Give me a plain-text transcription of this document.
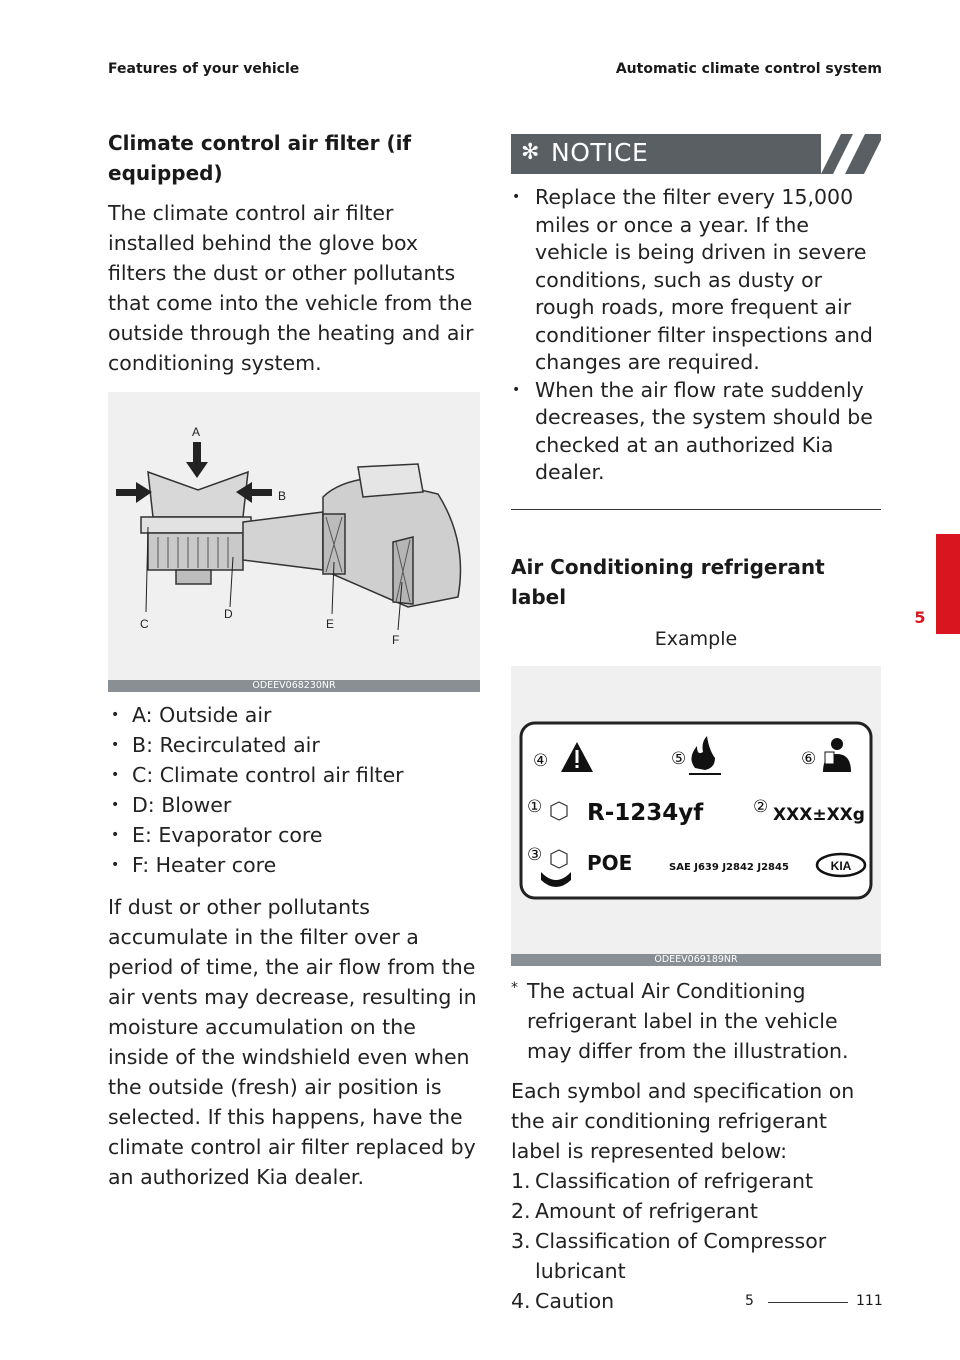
Features of your vehicle	Automatic climate control system
Climate control air filter (if equipped)

The climate control air filter installed behind the glove box filters the dust or other pollutants that come into the vehicle from the outside through the heating and air conditioning system.

A
B
C
D
E
F
ODEEV068230NR
• A: Outside air
• B: Recirculated air
• C: Climate control air filter
• D: Blower
• E: Evaporator core
• F: Heater core

If dust or other pollutants accumulate in the filter over a period of time, the air flow from the air vents may decrease, resulting in moisture accumulation on the inside of the windshield even when the outside (fresh) air position is selected. If this happens, have the climate control air filter replaced by an authorized Kia dealer.

✻ NOTICE
• Replace the filter every 15,000 miles or once a year. If the vehicle is being driven in severe conditions, such as dusty or rough roads, more frequent air conditioner filter inspections and changes are required.
• When the air flow rate suddenly decreases, the system should be checked at an authorized Kia dealer.
Air Conditioning refrigerant label
Example
④	⑤	⑥
①	②
③
R-1234yf	XXX±XXg
POE	SAE J639 J2842 J2845	KIA
ODEEV069189NR
* The actual Air Conditioning refrigerant label in the vehicle may differ from the illustration.

Each symbol and specification on the air conditioning refrigerant label is represented below:

1. Classification of refrigerant
2. Amount of refrigerant
3. Classification of Compressor lubricant
4. Caution
5
5	111
